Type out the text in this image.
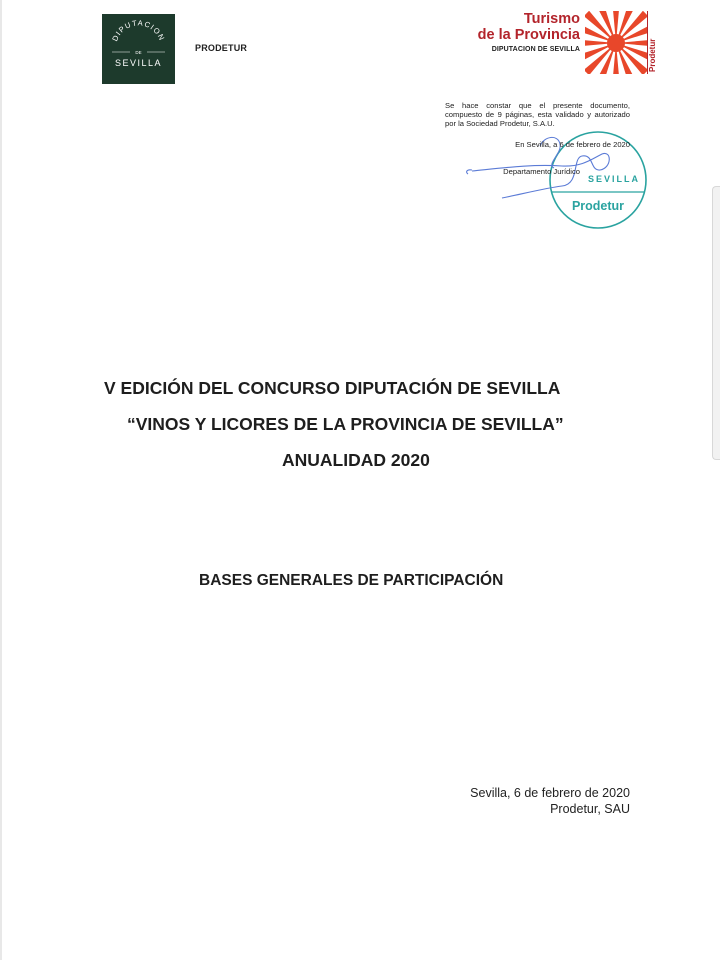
DIPUTACION
DE
SEVILLA
PRODETUR
Turismo
de la Provincia
DIPUTACION DE SEVILLA	Prodetur
Se hace constar que el presente documento, compuesto de 9 páginas, esta validado y autorizado por la Sociedad Prodetur, S.A.U.
SEVILLA
Prodetur
En Sevilla, a 6 de febrero de 2020
Departamento Jurídico
V EDICIÓN DEL CONCURSO DIPUTACIÓN DE SEVILLA
“VINOS Y LICORES DE LA PROVINCIA DE SEVILLA”
ANUALIDAD 2020
BASES GENERALES DE PARTICIPACIÓN
Sevilla, 6 de febrero de 2020
Prodetur, SAU
